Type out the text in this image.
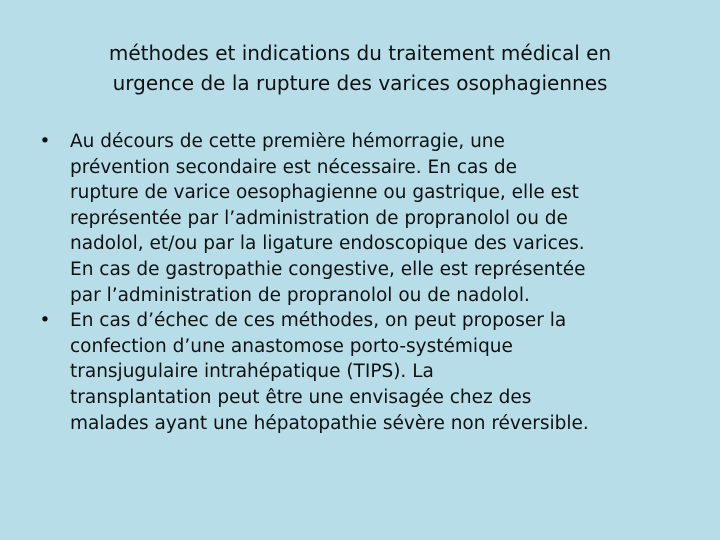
méthodes et indications du traitement médical en
urgence de la rupture des varices osophagiennes
• Au décours de cette première hémorragie, une
prévention secondaire est nécessaire. En cas de
rupture de varice oesophagienne ou gastrique, elle est
représentée par l’administration de propranolol ou de
nadolol, et/ou par la ligature endoscopique des varices.
En cas de gastropathie congestive, elle est représentée
par l’administration de propranolol ou de nadolol.
• En cas d’échec de ces méthodes, on peut proposer la
confection d’une anastomose porto-systémique
transjugulaire intrahépatique (TIPS). La
transplantation peut être une envisagée chez des
malades ayant une hépatopathie sévère non réversible.
